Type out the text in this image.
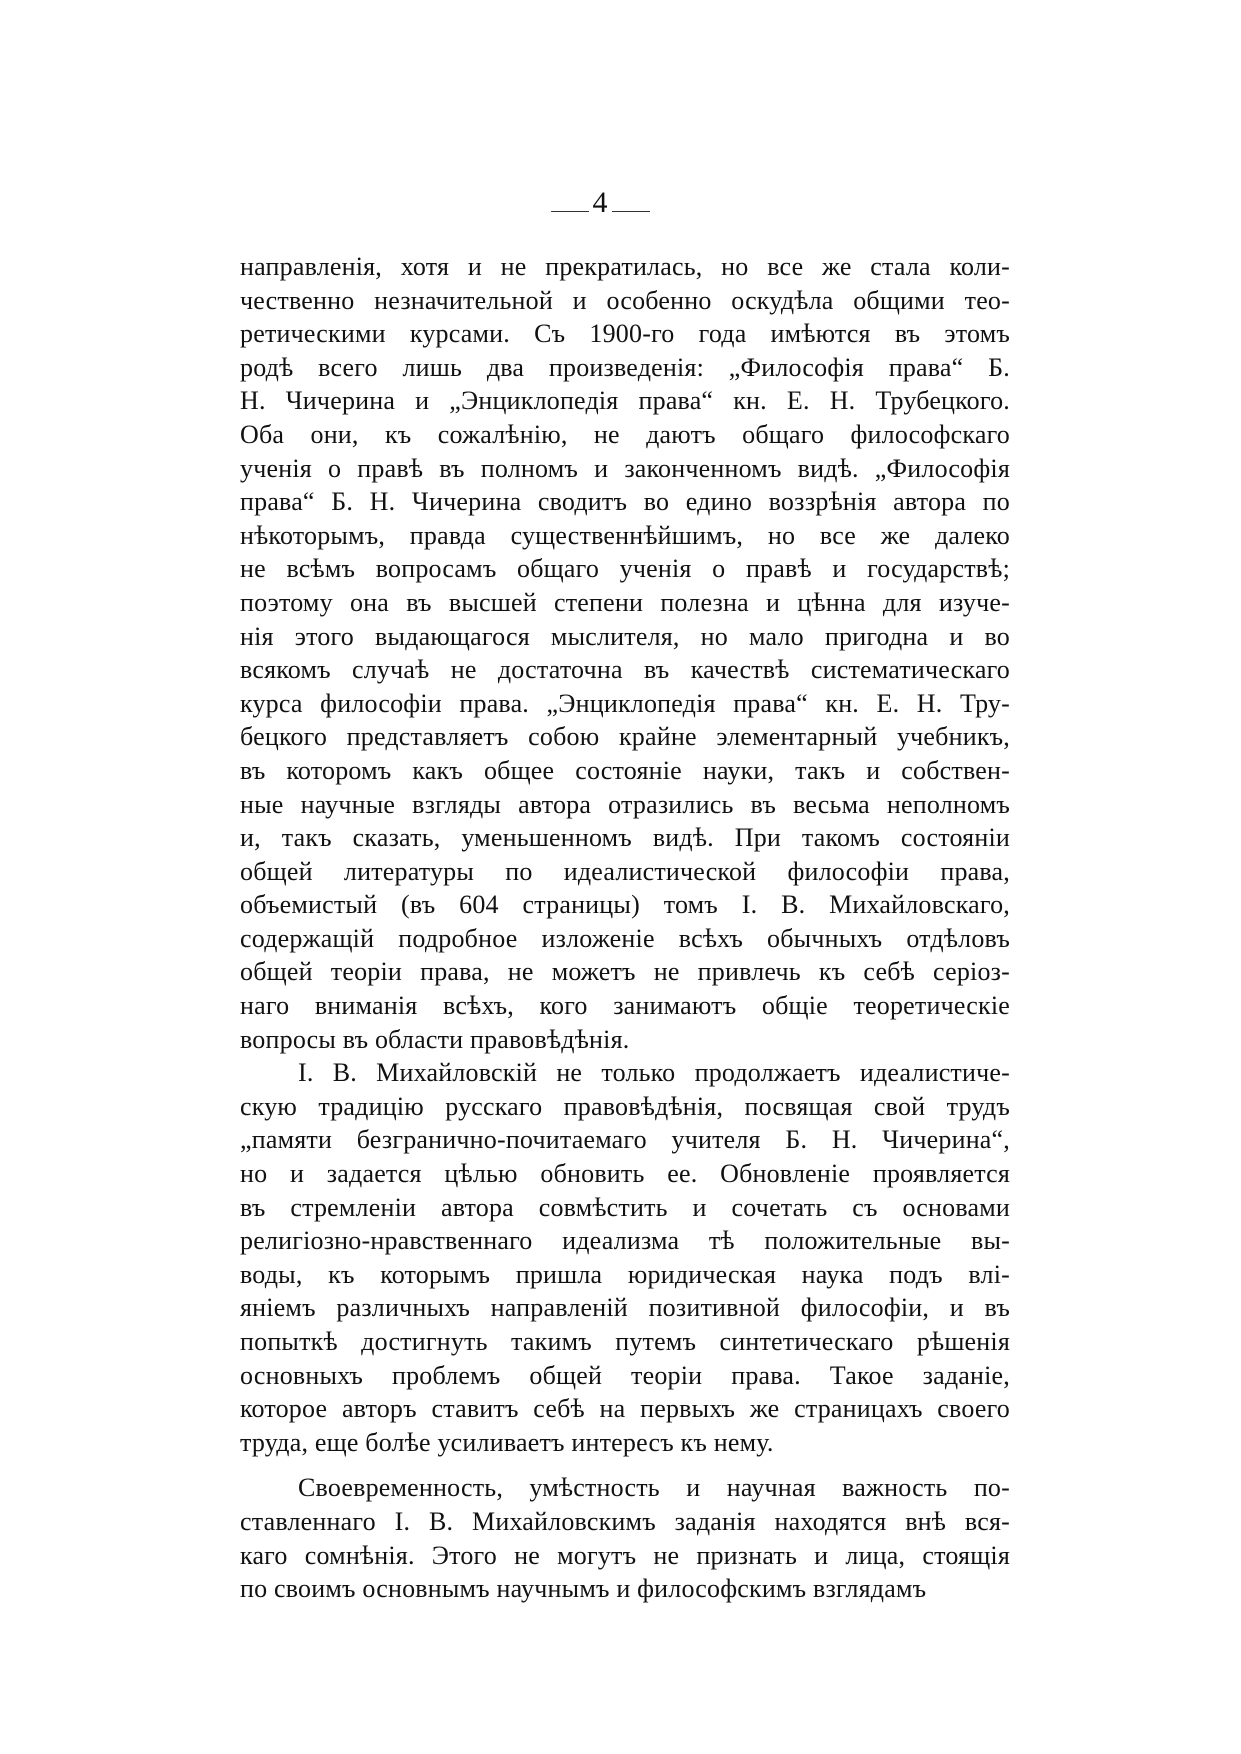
4
направленія, хотя и не прекратилась, но все же стала коли-
чественно незначительной и особенно оскудѣла общими тео-
ретическими курсами. Съ 1900-го года имѣются въ этомъ
родѣ всего лишь два произведенія: „Философія права“ Б.
Н. Чичерина и „Энциклопедія права“ кн. Е. Н. Трубецкого.
Оба они, къ сожалѣнію, не даютъ общаго философскаго
ученія о правѣ въ полномъ и законченномъ видѣ. „Философія
права“ Б. Н. Чичерина сводитъ во едино воззрѣнія автора по
нѣкоторымъ, правда существеннѣйшимъ, но все же далеко
не всѣмъ вопросамъ общаго ученія о правѣ и государствѣ;
поэтому она въ высшей степени полезна и цѣнна для изуче-
нія этого выдающагося мыслителя, но мало пригодна и во
всякомъ случаѣ не достаточна въ качествѣ систематическаго
курса философіи права. „Энциклопедія права“ кн. Е. Н. Тру-
бецкого представляетъ собою крайне элементарный учебникъ,
въ которомъ какъ общее состояніе науки, такъ и собствен-
ные научные взгляды автора отразились въ весьма неполномъ
и, такъ сказать, уменьшенномъ видѣ. При такомъ состояніи
общей литературы по идеалистической философіи права,
объемистый (въ 604 страницы) томъ І. В. Михайловскаго,
содержащій подробное изложеніе всѣхъ обычныхъ отдѣловъ
общей теоріи права, не можетъ не привлечь къ себѣ серіоз-
наго вниманія всѣхъ, кого занимаютъ общіе теоретическіе
вопросы въ области правовѣдѣнія.
І. В. Михайловскій не только продолжаетъ идеалистиче-
скую традицію русскаго правовѣдѣнія, посвящая свой трудъ
„памяти безгранично-почитаемаго учителя Б. Н. Чичерина“,
но и задается цѣлью обновить ее. Обновленіе проявляется
въ стремленіи автора совмѣстить и сочетать съ основами
религіозно-нравственнаго идеализма тѣ положительные вы-
воды, къ которымъ пришла юридическая наука подъ влі-
яніемъ различныхъ направленій позитивной философіи, и въ
попыткѣ достигнуть такимъ путемъ синтетическаго рѣшенія
основныхъ проблемъ общей теоріи права. Такое заданіе,
которое авторъ ставитъ себѣ на первыхъ же страницахъ своего
труда, еще болѣе усиливаетъ интересъ къ нему.
Своевременность, умѣстность и научная важность по-
ставленнаго І. В. Михайловскимъ заданія находятся внѣ вся-
каго сомнѣнія. Этого не могутъ не признать и лица, стоящія
по своимъ основнымъ научнымъ и философскимъ взглядамъ
